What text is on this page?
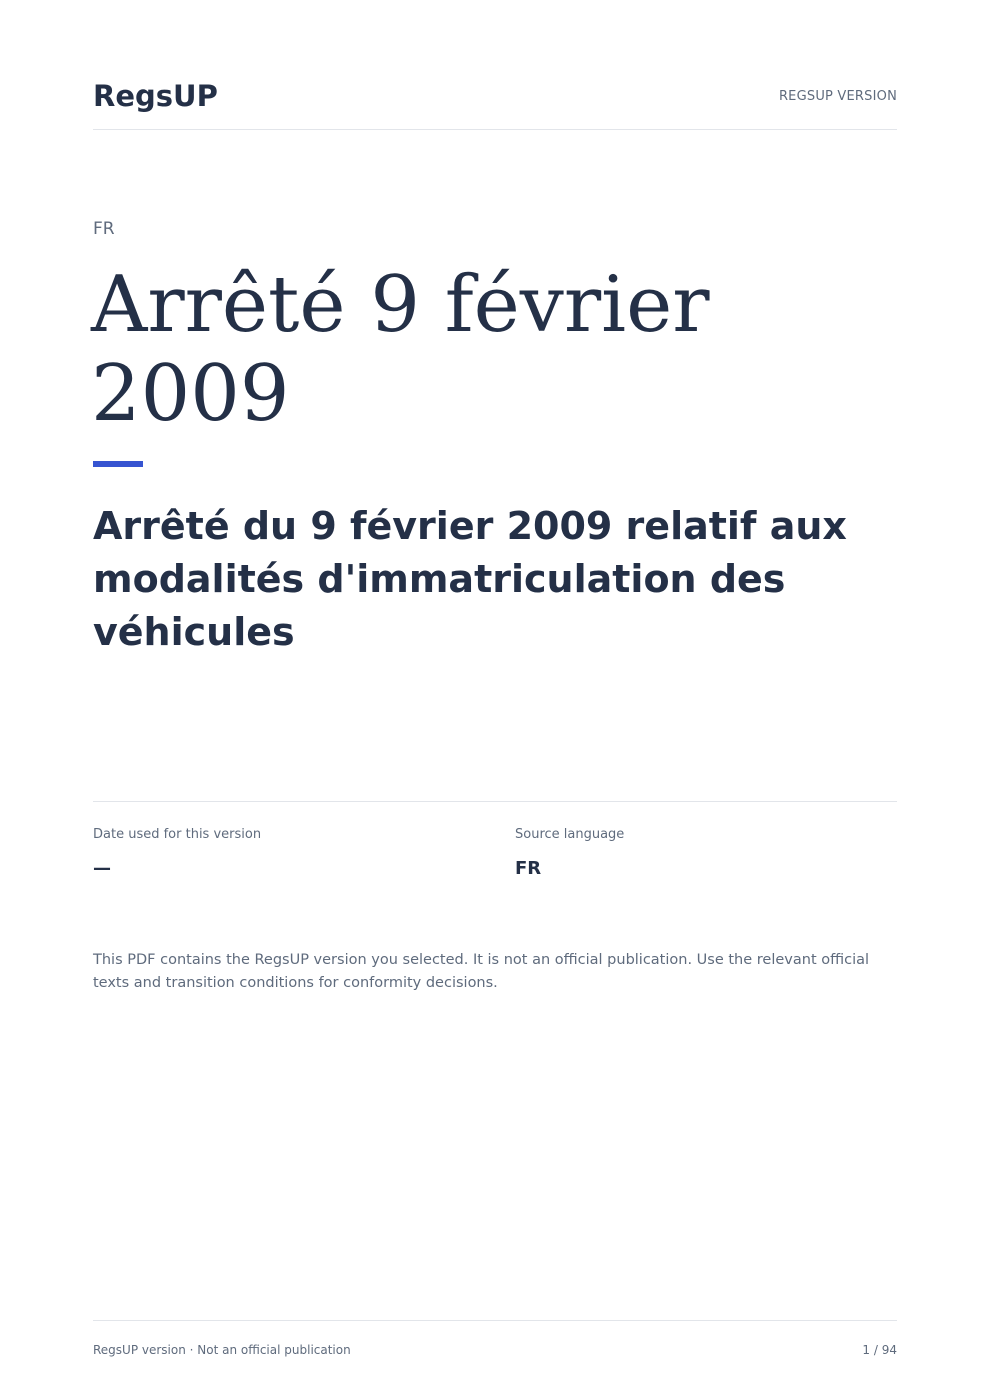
RegsUP	REGSUP VERSION
FR
Arrêté 9 février 2009
Arrêté du 9 février 2009 relatif aux modalités d'immatriculation des véhicules
Date used for this version
—
Source language
FR

This PDF contains the RegsUP version you selected. It is not an official publication. Use the relevant official texts and transition conditions for conformity decisions.

RegsUP version · Not an official publication	1 / 94
